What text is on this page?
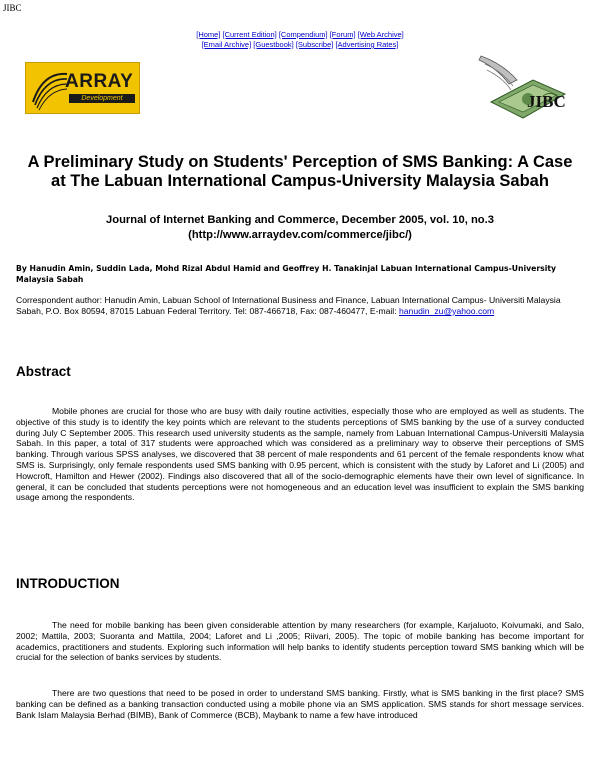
JIBC
[Home] [Current Edition] [Compendium] [Forum] [Web Archive]
[Email Archive] [Guestbook] [Subscribe] [Advertising Rates]
ARRAY
Development	JIBC
A Preliminary Study on Students' Perception of SMS Banking: A Case at The Labuan International Campus-University Malaysia Sabah
Journal of Internet Banking and Commerce, December 2005, vol. 10, no.3
(http://www.arraydev.com/commerce/jibc/)
By Hanudin Amin, Suddin Lada, Mohd Rizal Abdul Hamid and Geoffrey H. Tanakinjal Labuan International Campus-University Malaysia Sabah
Correspondent author: Hanudin Amin, Labuan School of International Business and Finance, Labuan International Campus- Universiti Malaysia Sabah, P.O. Box 80594, 87015 Labuan Federal Territory. Tel: 087-466718, Fax: 087-460477, E-mail: hanudin_zu@yahoo.com
Abstract

Mobile phones are crucial for those who are busy with daily routine activities, especially those who are employed as well as students. The objective of this study is to identify the key points which are relevant to the students perceptions of SMS banking by the use of a survey conducted during July C September 2005. This research used university students as the sample, namely from Labuan International Campus-Universiti Malaysia Sabah. In this paper, a total of 317 students were approached which was considered as a preliminary way to observe their perceptions of SMS banking. Through various SPSS analyses, we discovered that 38 percent of male respondents and 61 percent of the female respondents know what SMS is. Surprisingly, only female respondents used SMS banking with 0.95 percent, which is consistent with the study by Laforet and Li (2005) and Howcroft, Hamilton and Hewer (2002). Findings also discovered that all of the socio-demographic elements have their own level of significance. In general, it can be concluded that students perceptions were not homogeneous and an education level was insufficient to explain the SMS banking usage among the respondents.

INTRODUCTION

The need for mobile banking has been given considerable attention by many researchers (for example, Karjaluoto, Koivumaki, and Salo, 2002; Mattila, 2003; Suoranta and Mattila, 2004; Laforet and Li ,2005; Riivari, 2005). The topic of mobile banking has become important for academics, practitioners and students. Exploring such information will help banks to identify students perception toward SMS banking which will be crucial for the selection of banks services by students.

There are two questions that need to be posed in order to understand SMS banking. Firstly, what is SMS banking in the first place? SMS banking can be defined as a banking transaction conducted using a mobile phone via an SMS application. SMS stands for short message services. Bank Islam Malaysia Berhad (BIMB), Bank of Commerce (BCB), Maybank to name a few have introduced
